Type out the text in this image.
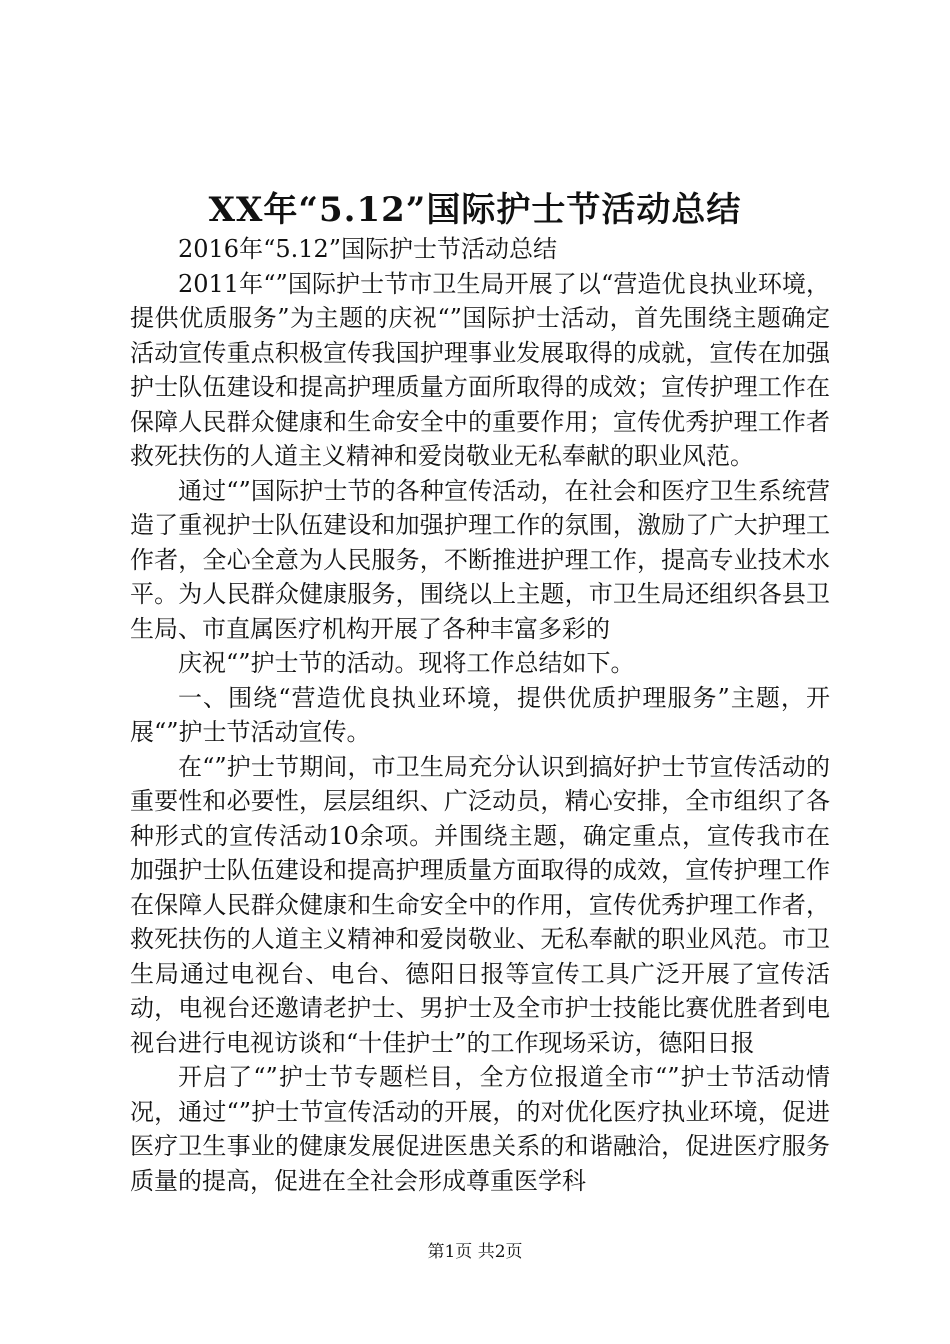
XX年“5.12”国际护士节活动总结

2016年“5.12”国际护士节活动总结

2011年“”国际护士节市卫生局开展了以“营造优良执业环境，提供优质服务”为主题的庆祝“”国际护士活动，首先围绕主题确定活动宣传重点积极宣传我国护理事业发展取得的成就，宣传在加强护士队伍建设和提高护理质量方面所取得的成效；宣传护理工作在保障人民群众健康和生命安全中的重要作用；宣传优秀护理工作者救死扶伤的人道主义精神和爱岗敬业无私奉献的职业风范。

通过“”国际护士节的各种宣传活动，在社会和医疗卫生系统营造了重视护士队伍建设和加强护理工作的氛围，激励了广大护理工作者，全心全意为人民服务，不断推进护理工作，提高专业技术水平。为人民群众健康服务，围绕以上主题，市卫生局还组织各县卫生局、市直属医疗机构开展了各种丰富多彩的

庆祝“”护士节的活动。现将工作总结如下。

一、围绕“营造优良执业环境，提供优质护理服务”主题，开展“”护士节活动宣传。

在“”护士节期间，市卫生局充分认识到搞好护士节宣传活动的重要性和必要性，层层组织、广泛动员，精心安排，全市组织了各种形式的宣传活动10余项。并围绕主题，确定重点，宣传我市在加强护士队伍建设和提高护理质量方面取得的成效，宣传护理工作在保障人民群众健康和生命安全中的作用，宣传优秀护理工作者，救死扶伤的人道主义精神和爱岗敬业、无私奉献的职业风范。市卫生局通过电视台、电台、德阳日报等宣传工具广泛开展了宣传活动，电视台还邀请老护士、男护士及全市护士技能比赛优胜者到电视台进行电视访谈和“十佳护士”的工作现场采访，德阳日报

开启了“”护士节专题栏目，全方位报道全市“”护士节活动情况，通过“”护士节宣传活动的开展，的对优化医疗执业环境，促进医疗卫生事业的健康发展促进医患关系的和谐融洽，促进医疗服务质量的提高，促进在全社会形成尊重医学科

第1页 共2页
